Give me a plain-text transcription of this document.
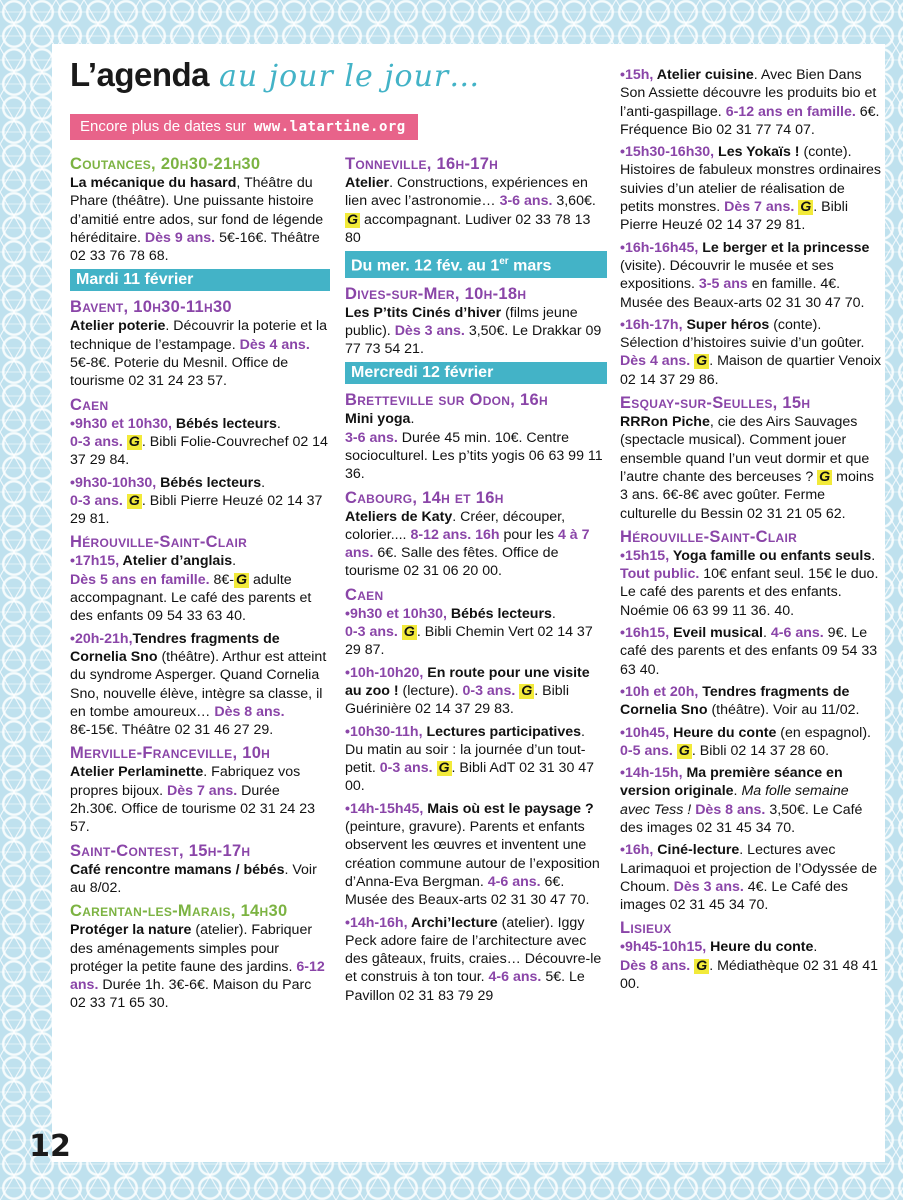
L’agenda au jour le jour…
Encore plus de dates sur www.latartine.org
Coutances, 20h30-21h30

La mécanique du hasard, Théâtre du Phare (théâtre). Une puissante histoire d’amitié entre ados, sur fond de légende héréditaire. Dès 9 ans. 5€-16€. Théâtre 02 33 76 78 68.

Mardi 11 février
Bavent, 10h30-11h30

Atelier poterie. Découvrir la poterie et la technique de l’estampage. Dès 4 ans. 5€-8€. Poterie du Mesnil. Office de tourisme 02 31 24 23 57.

Caen

•9h30 et 10h30, Bébés lecteurs.
0-3 ans. G . Bibli Folie-Couvrechef 02 14 37 29 84.

•9h30-10h30, Bébés lecteurs.
0-3 ans. G . Bibli Pierre Heuzé 02 14 37 29 81.

Hérouville-Saint-Clair

•17h15, Atelier d’anglais.
Dès 5 ans en famille. 8€- G adulte accompagnant. Le café des parents et des enfants 09 54 33 63 40.

•20h-21h,Tendres fragments de Cornelia Sno (théâtre). Arthur est atteint du syndrome Asperger. Quand Cornelia Sno, nouvelle élève, intègre sa classe, il en tombe amoureux… Dès 8 ans. 8€-15€. Théâtre 02 31 46 27 29.

Merville-Franceville, 10h

Atelier Perlaminette. Fabriquez vos propres bijoux. Dès 7 ans. Durée 2h.30€. Office de tourisme 02 31 24 23 57.

Saint-Contest, 15h-17h

Café rencontre mamans / bébés. Voir au 8/02.

Carentan-les-Marais, 14h30

Protéger la nature (atelier). Fabriquer des aménagements simples pour protéger la petite faune des jardins. 6-12 ans. Durée 1h. 3€-6€. Maison du Parc 02 33 71 65 30.

Tonneville, 16h-17h

Atelier. Constructions, expériences en lien avec l’astronomie… 3-6 ans. 3,60€. G accompagnant. Ludiver 02 33 78 13 80

Du mer. 12 fév. au 1er mars
Dives-sur-Mer, 10h-18h

Les P’tits Cinés d’hiver (films jeune public). Dès 3 ans. 3,50€. Le Drakkar 09 77 73 54 21.

Mercredi 12 février
Bretteville sur Odon, 16h

Mini yoga.
3-6 ans. Durée 45 min. 10€. Centre socioculturel. Les p’tits yogis 06 63 99 11 36.

Cabourg, 14h et 16h

Ateliers de Katy. Créer, découper, colorier.... 8-12 ans. 16h pour les 4 à 7 ans. 6€. Salle des fêtes. Office de tourisme 02 31 06 20 00.

Caen

•9h30 et 10h30, Bébés lecteurs.
0-3 ans. G . Bibli Chemin Vert 02 14 37 29 87.

•10h-10h20, En route pour une visite au zoo ! (lecture). 0-3 ans. G . Bibli Guérinière 02 14 37 29 83.

•10h30-11h, Lectures participatives. Du matin au soir : la journée d’un tout-petit. 0-3 ans. G . Bibli AdT 02 31 30 47 00.

•14h-15h45, Mais où est le paysage ? (peinture, gravure). Parents et enfants observent les œuvres et inventent une création commune autour de l’exposition d’Anna-Eva Bergman. 4-6 ans. 6€. Musée des Beaux-arts 02 31 30 47 70.

•14h-16h, Archi’lecture (atelier). Iggy Peck adore faire de l’architecture avec des gâteaux, fruits, craies… Découvre-le et construis à ton tour. 4-6 ans. 5€. Le Pavillon 02 31 83 79 29

•15h, Atelier cuisine. Avec Bien Dans Son Assiette découvre les produits bio et l’anti-gaspillage. 6-12 ans en famille. 6€. Fréquence Bio 02 31 77 74 07.

•15h30-16h30, Les Yokaïs ! (conte). Histoires de fabuleux monstres ordinaires suivies d’un atelier de réalisation de petits monstres. Dès 7 ans. G . Bibli Pierre Heuzé 02 14 37 29 81.

•16h-16h45, Le berger et la princesse (visite). Découvrir le musée et ses expositions. 3-5 ans en famille. 4€. Musée des Beaux-arts 02 31 30 47 70.

•16h-17h, Super héros (conte). Sélection d’histoires suivie d’un goûter. Dès 4 ans. G . Maison de quartier Venoix 02 14 37 29 86.

Esquay-sur-Seulles, 15h

RRRon Piche, cie des Airs Sauvages (spectacle musical). Comment jouer ensemble quand l’un veut dormir et que l’autre chante des berceuses ? G moins 3 ans. 6€-8€ avec goûter. Ferme culturelle du Bessin 02 31 21 05 62.

Hérouville-Saint-Clair

•15h15, Yoga famille ou enfants seuls. Tout public. 10€ enfant seul. 15€ le duo. Le café des parents et des enfants. Noémie 06 63 99 11 36. 40.

•16h15, Eveil musical. 4-6 ans. 9€. Le café des parents et des enfants 09 54 33 63 40.

•10h et 20h, Tendres fragments de Cornelia Sno (théâtre). Voir au 11/02.

•10h45, Heure du conte (en espagnol). 0-5 ans. G . Bibli 02 14 37 28 60.

•14h-15h, Ma première séance en version originale. Ma folle semaine avec Tess ! Dès 8 ans. 3,50€. Le Café des images 02 31 45 34 70.

•16h, Ciné-lecture. Lectures avec Larimaquoi et projection de l’Odyssée de Choum. Dès 3 ans. 4€. Le Café des images 02 31 45 34 70.

Lisieux

•9h45-10h15, Heure du conte.
Dès 8 ans. G . Médiathèque 02 31 48 41 00.

12
